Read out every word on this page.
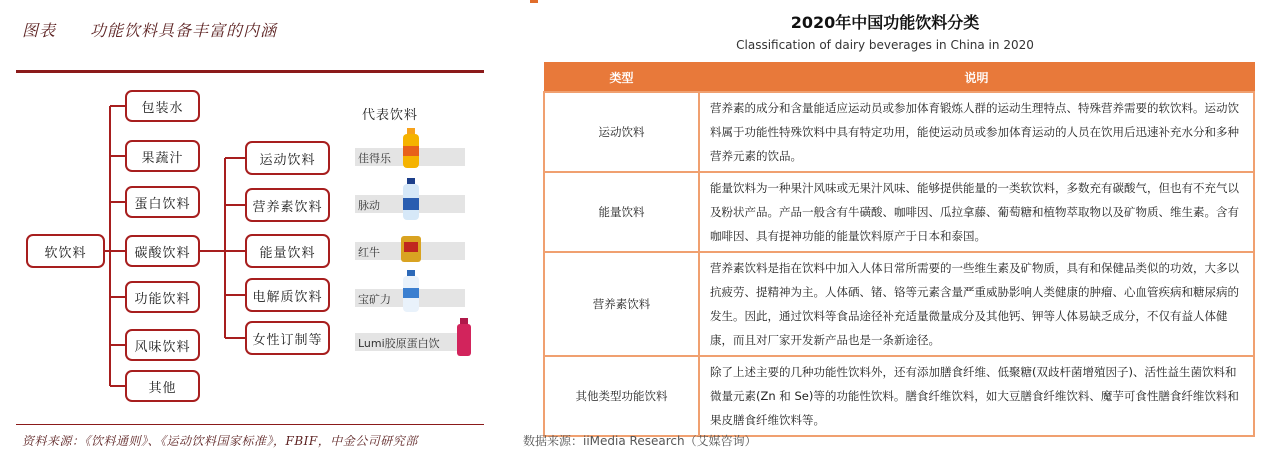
图表 功能饮料具备丰富的内涵
软饮料
包装水
果蔬汁
蛋白饮料
碳酸饮料
功能饮料
风味饮料
其他
运动饮料
营养素饮料
能量饮料
电解质饮料
女性订制等
代表饮料
佳得乐
脉动
红牛
宝矿力
Lumi胶原蛋白饮
资料来源：《饮料通则》、《运动饮料国家标准》，FBIF，中金公司研究部
2020年中国功能饮料分类
Classification of dairy beverages in China in 2020
类型	说明
运动饮料	营养素的成分和含量能适应运动员或参加体育锻炼人群的运动生理特点、特殊营养需要的软饮料。运动饮料属于功能性特殊饮料中具有特定功用，能使运动员或参加体育运动的人员在饮用后迅速补充水分和多种营养元素的饮品。
能量饮料	能量饮料为一种果汁风味或无果汁风味、能够提供能量的一类软饮料，多数充有碳酸气，但也有不充气以及粉状产品。产品一般含有牛磺酸、咖啡因、瓜拉拿藤、葡萄糖和植物萃取物以及矿物质、维生素。含有咖啡因、具有提神功能的能量饮料原产于日本和泰国。
营养素饮料	营养素饮料是指在饮料中加入人体日常所需要的一些维生素及矿物质，具有和保健品类似的功效，大多以抗疲劳、提精神为主。人体硒、锗、铬等元素含量严重威胁影响人类健康的肿瘤、心血管疾病和糖尿病的发生。因此，通过饮料等食品途径补充适量微量成分及其他钙、钾等人体易缺乏成分，不仅有益人体健康，而且对厂家开发新产品也是一条新途径。
其他类型功能饮料	除了上述主要的几种功能性饮料外，还有添加膳食纤维、低聚糖(双歧杆菌增殖因子)、活性益生菌饮料和微量元素(Zn 和 Se)等的功能性饮料。膳食纤维饮料，如大豆膳食纤维饮料、魔芋可食性膳食纤维饮料和果皮膳食纤维饮料等。
数据来源：iiMedia Research（艾媒咨询）
